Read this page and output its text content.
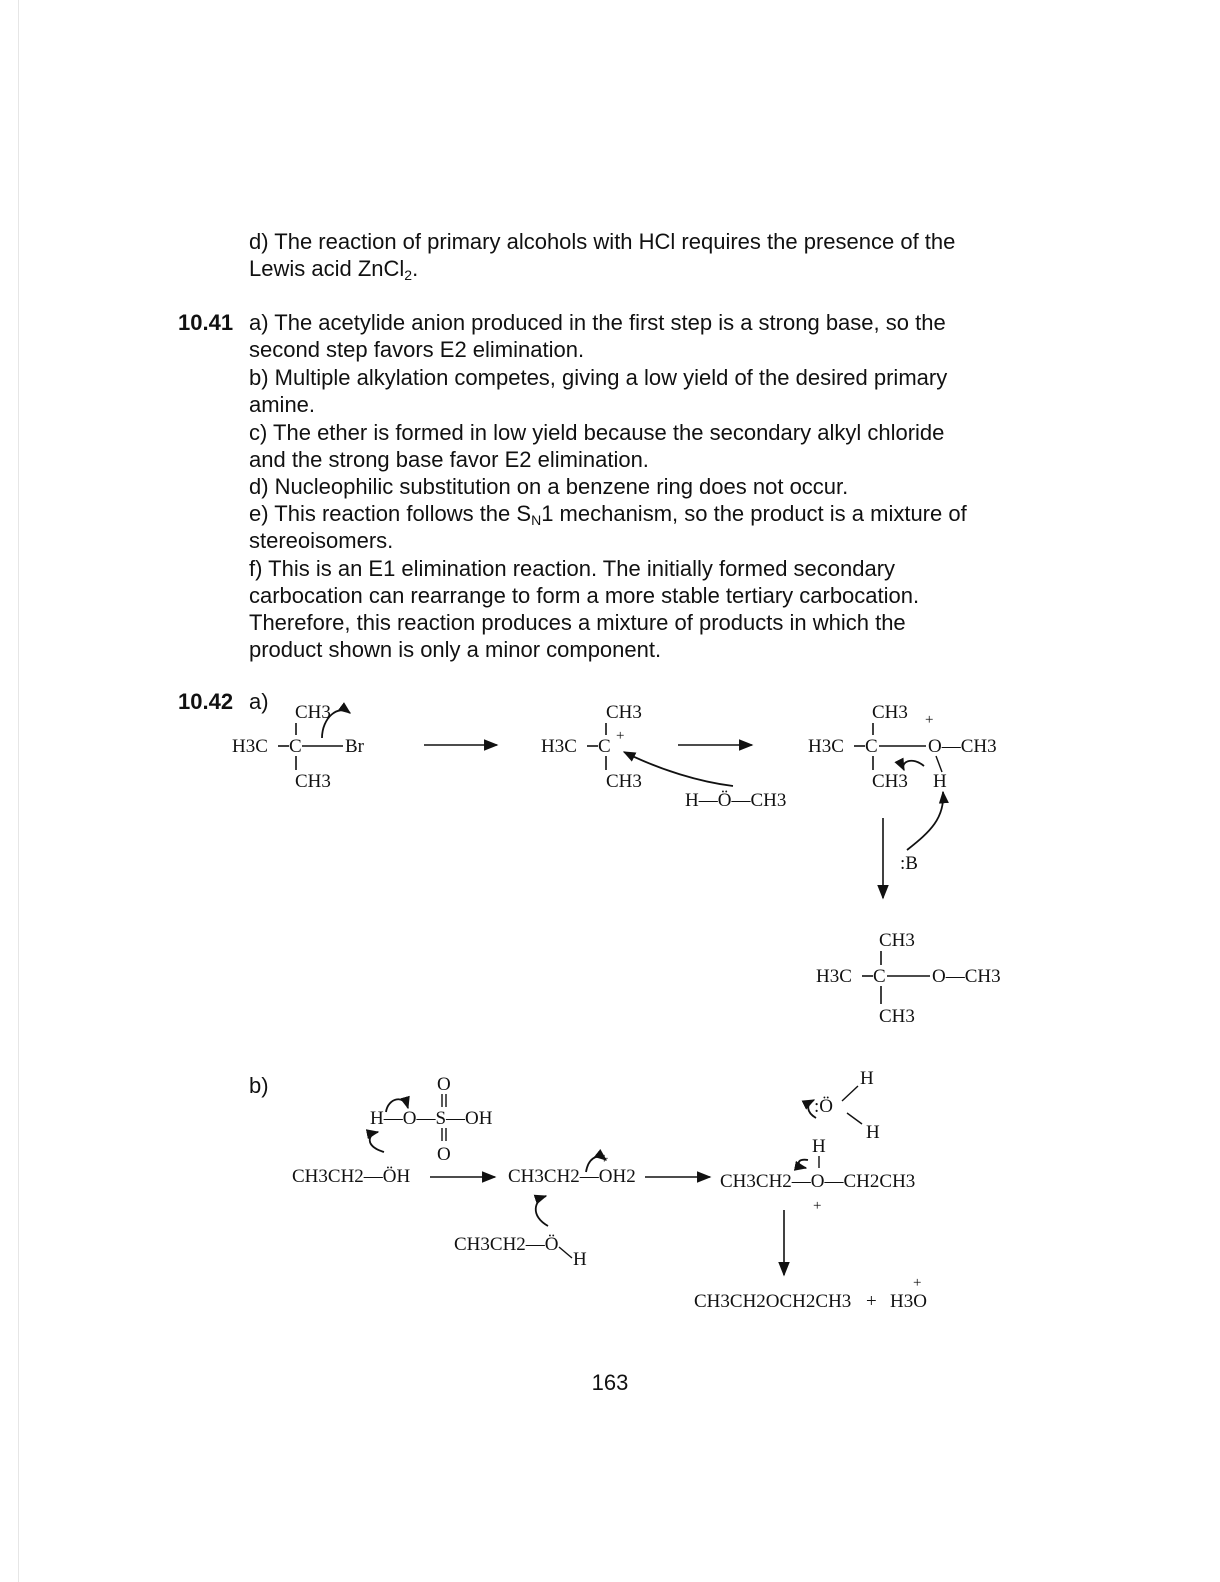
d) The reaction of primary alcohols with HCl requires the presence of the
Lewis acid ZnCl$_2$.
10.41 a) The acetylide anion produced in the first step is a strong base, so the
second step favors E2 elimination.
b) Multiple alkylation competes, giving a low yield of the desired primary
amine.
c) The ether is formed in low yield because the secondary alkyl chloride
and the strong base favor E2 elimination.
d) Nucleophilic substitution on a benzene ring does not occur.
e) This reaction follows the $S_N1$ mechanism, so the product is a mixture of
stereoisomers.
f) This is an E1 elimination reaction. The initially formed secondary
carbocation can rearrange to form a more stable tertiary carbocation.
Therefore, this reaction produces a mixture of products in which the
product shown is only a minor component.
10.42 a)
b)
CH3
H3C C Br
CH3
CH3
H3C C +
CH3
H—Ö—CH3
CH3 +
H3C C	O—CH3
CH3 H
:B
CH3
H3C C O—CH3
CH3
O
H—O—S—OH
O
CH3CH2—ÖH	CH3CH2—OH2
+
CH3CH2—Ö
H
H
:Ö
H
H
CH3CH2—O—CH2CH3
+
CH3CH2OCH2CH3 + H3O
+
163
